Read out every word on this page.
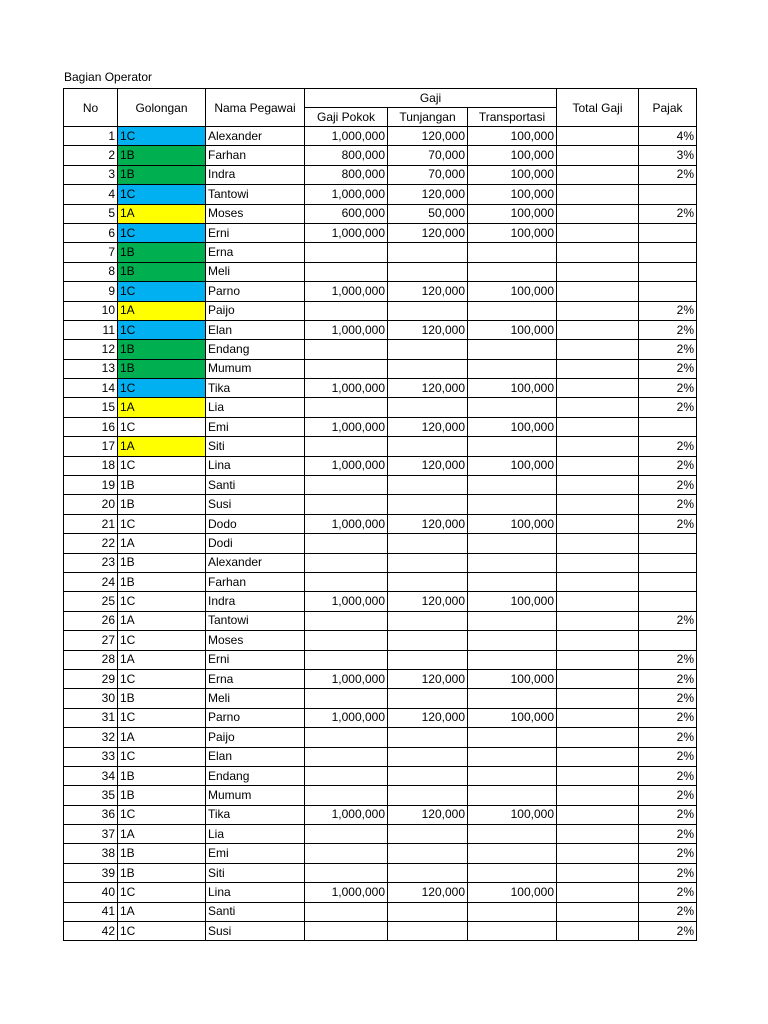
Bagian Operator
No	Golongan	Nama Pegawai	Gaji			Total Gaji	Pajak
			Gaji Pokok	Tunjangan	Transportasi		
1	1C	Alexander	1,000,000	120,000	100,000		4%
2	1B	Farhan	800,000	70,000	100,000		3%
3	1B	Indra	800,000	70,000	100,000		2%
4	1C	Tantowi	1,000,000	120,000	100,000		
5	1A	Moses	600,000	50,000	100,000		2%
6	1C	Erni	1,000,000	120,000	100,000		
7	1B	Erna					
8	1B	Meli					
9	1C	Parno	1,000,000	120,000	100,000		
10	1A	Paijo					2%
11	1C	Elan	1,000,000	120,000	100,000		2%
12	1B	Endang					2%
13	1B	Mumum					2%
14	1C	Tika	1,000,000	120,000	100,000		2%
15	1A	Lia					2%
16	1C	Emi	1,000,000	120,000	100,000		
17	1A	Siti					2%
18	1C	Lina	1,000,000	120,000	100,000		2%
19	1B	Santi					2%
20	1B	Susi					2%
21	1C	Dodo	1,000,000	120,000	100,000		2%
22	1A	Dodi					
23	1B	Alexander					
24	1B	Farhan					
25	1C	Indra	1,000,000	120,000	100,000		
26	1A	Tantowi					2%
27	1C	Moses					
28	1A	Erni					2%
29	1C	Erna	1,000,000	120,000	100,000		2%
30	1B	Meli					2%
31	1C	Parno	1,000,000	120,000	100,000		2%
32	1A	Paijo					2%
33	1C	Elan					2%
34	1B	Endang					2%
35	1B	Mumum					2%
36	1C	Tika	1,000,000	120,000	100,000		2%
37	1A	Lia					2%
38	1B	Emi					2%
39	1B	Siti					2%
40	1C	Lina	1,000,000	120,000	100,000		2%
41	1A	Santi					2%
42	1C	Susi					2%
